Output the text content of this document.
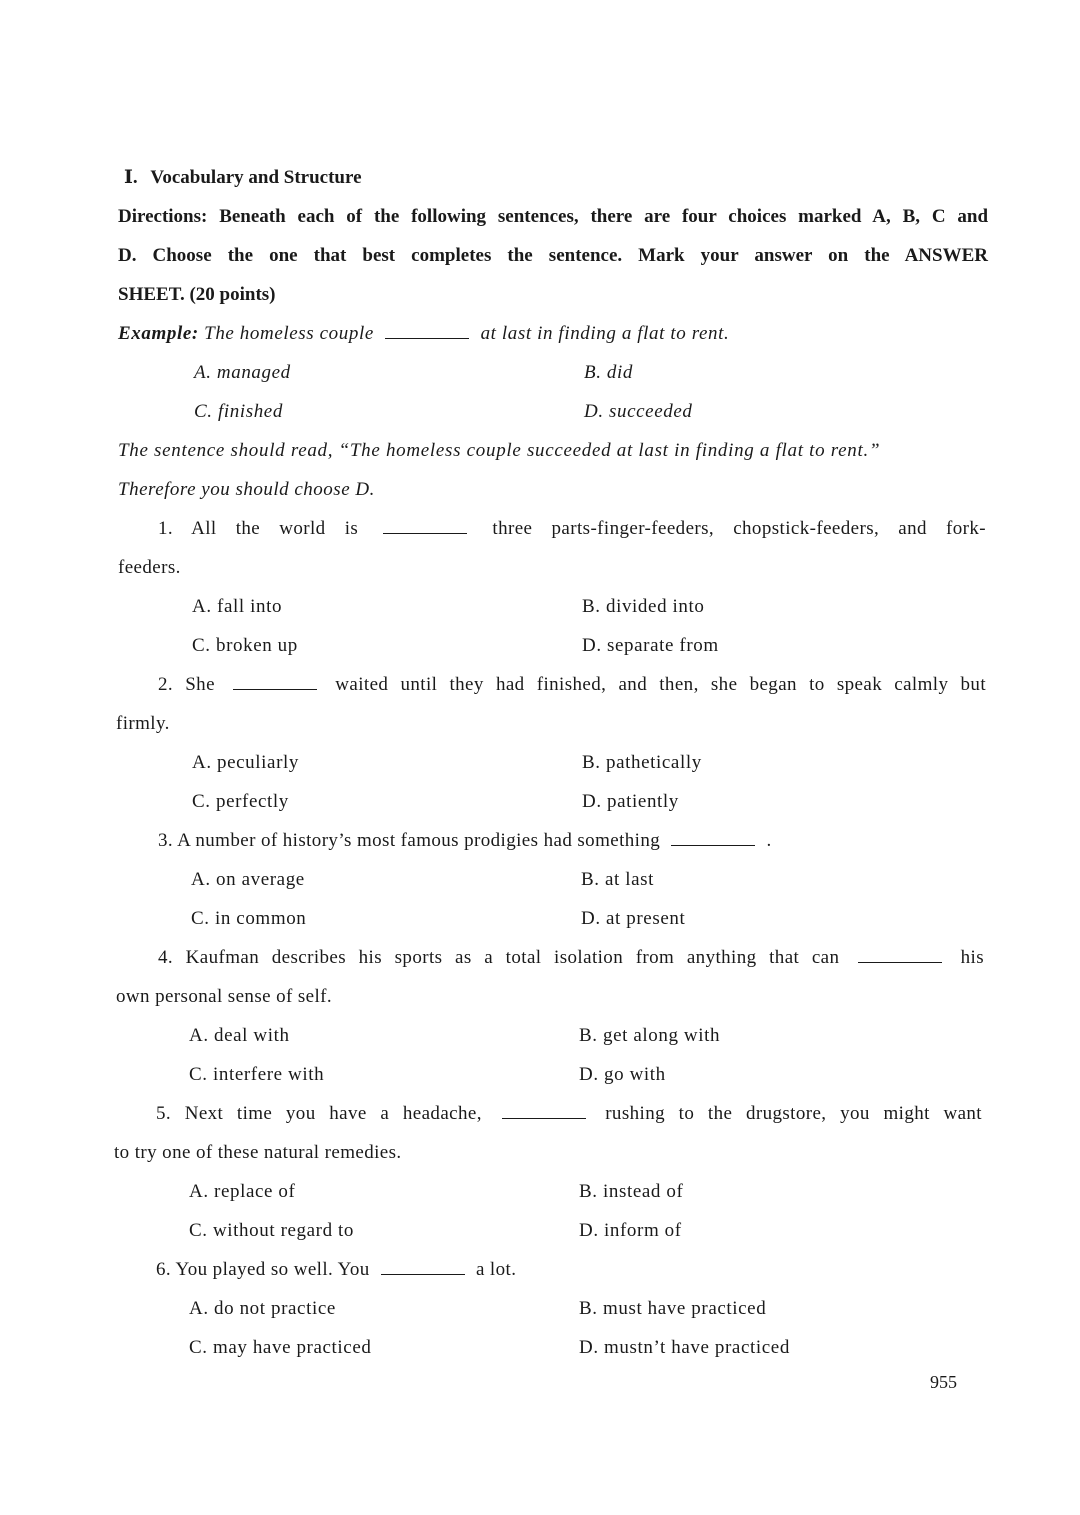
Ⅰ. Vocabulary and Structure
Directions: Beneath each of the following sentences, there are four choices marked A, B, C and
D. Choose the one that best completes the sentence. Mark your answer on the ANSWER
SHEET. (20 points)
Example: The homeless couple	at last in finding a flat to rent.
A. managed	B. did
C. finished	D. succeeded
The sentence should read, “The homeless couple succeeded at last in finding a flat to rent.”
Therefore you should choose D.
1. All the world is	three parts-finger-feeders, chopstick-feeders, and fork-
feeders.
A. fall into	B. divided into
C. broken up	D. separate from
2. She	waited until they had finished, and then, she began to speak calmly but
firmly.
A. peculiarly	B. pathetically
C. perfectly	D. patiently
3. A number of history’s most famous prodigies had something	.
A. on average	B. at last
C. in common	D. at present
4. Kaufman describes his sports as a total isolation from anything that can	his
own personal sense of self.
A. deal with	B. get along with
C. interfere with	D. go with
5. Next time you have a headache,	rushing to the drugstore, you might want
to try one of these natural remedies.
A. replace of	B. instead of
C. without regard to	D. inform of
6. You played so well. You	a lot.
A. do not practice	B. must have practiced
C. may have practiced	D. mustn’t have practiced
955
